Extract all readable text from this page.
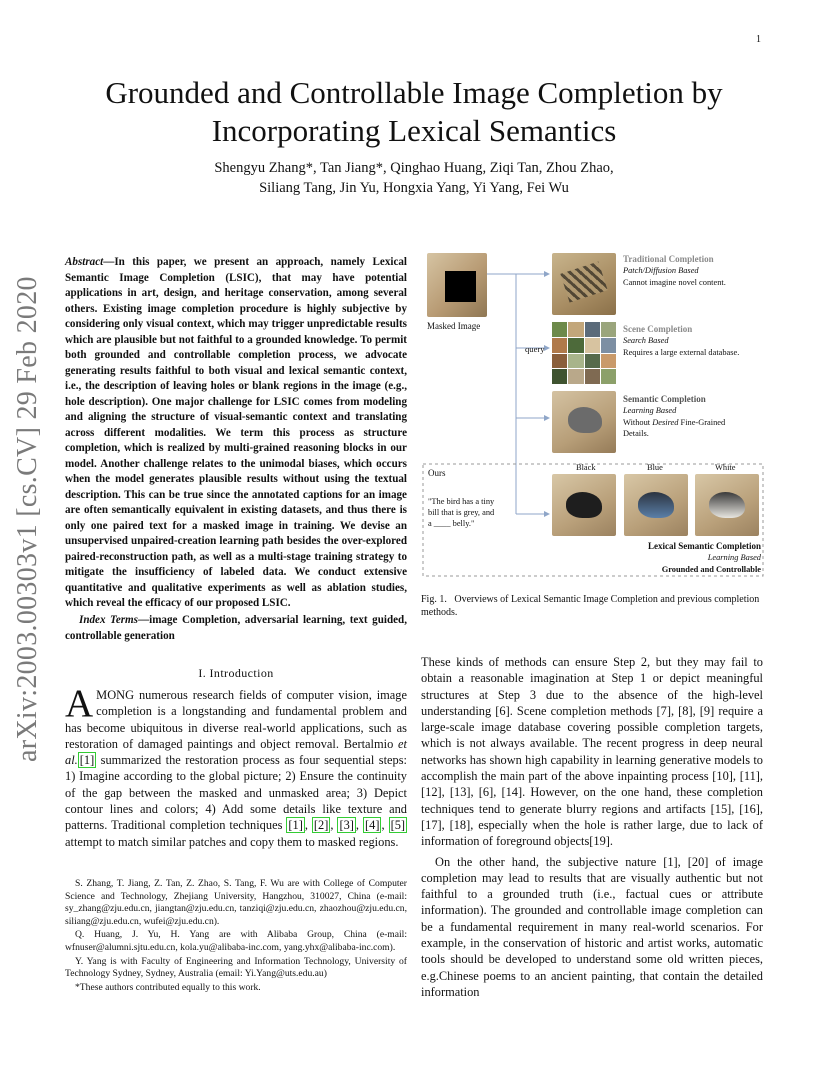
1
arXiv:2003.00303v1 [cs.CV] 29 Feb 2020
Grounded and Controllable Image Completion by Incorporating Lexical Semantics
Shengyu Zhang*, Tan Jiang*, Qinghao Huang, Ziqi Tan, Zhou Zhao,
Siliang Tang, Jin Yu, Hongxia Yang, Yi Yang, Fei Wu
Abstract—In this paper, we present an approach, namely Lexical Semantic Image Completion (LSIC), that may have potential applications in art, design, and heritage conservation, among several others. Existing image completion procedure is highly subjective by considering only visual context, which may trigger unpredictable results which are plausible but not faithful to a grounded knowledge. To permit both grounded and controllable completion process, we advocate generating results faithful to both visual and lexical semantic context, i.e., the description of leaving holes or blank regions in the image (e.g., hole description). One major challenge for LSIC comes from modeling and aligning the structure of visual-semantic context and translating across different modalities. We term this process as structure completion, which is realized by multi-grained reasoning blocks in our model. Another challenge relates to the unimodal biases, which occurs when the model generates plausible results without using the textual description. This can be true since the annotated captions for an image are often semantically equivalent in existing datasets, and thus there is only one paired text for a masked image in training. We devise an unsupervised unpaired-creation learning path besides the over-explored paired-reconstruction path, as well as a multi-stage training strategy to mitigate the insufficiency of labeled data. We conduct extensive quantitative and qualitative experiments as well as ablation studies, which reveal the efficacy of our proposed LSIC.
Index Terms—image Completion, adversarial learning, text guided, controllable generation
I. Introduction
AMONG numerous research fields of computer vision, image completion is a longstanding and fundamental problem and has become ubiquitous in diverse real-world applications, such as restoration of damaged paintings and object removal. Bertalmio et al. [1] summarized the restoration process as four sequential steps: 1) Imagine according to the global picture; 2) Ensure the continuity of the gap between the masked and unmasked area; 3) Depict contour lines and colors; 4) Add some details like texture and patterns. Traditional completion techniques [1] , [2] , [3] , [4] , [5] attempt to match similar patches and copy them to masked regions.

S. Zhang, T. Jiang, Z. Tan, Z. Zhao, S. Tang, F. Wu are with College of Computer Science and Technology, Zhejiang University, Hangzhou, 310027, China (e-mail: sy_zhang@zju.edu.cn, jiangtan@zju.edu.cn, tanziqi@zju.edu.cn, zhaozhou@zju.edu.cn, siliang@zju.edu.cn, wufei@zju.edu.cn).

Q. Huang, J. Yu, H. Yang are with Alibaba Group, China (e-mail: wfnuser@alumni.sjtu.edu.cn, kola.yu@alibaba-inc.com, yang.yhx@alibaba-inc.com).

Y. Yang is with Faculty of Engineering and Information Technology, University of Technology Sydney, Sydney, Australia (email: Yi.Yang@uts.edu.au)

*These authors contributed equally to this work.

Masked Image
query
Traditional Completion
Patch/Diffusion Based
Cannot imagine novel content.
Scene Completion
Search Based
Requires a large external database.
Semantic Completion
Learning Based
Without Desired Fine-Grained
Details.
Ours
"The bird has a tiny
bill that is grey, and
a ____ belly."
Black	Blue	White
Lexical Semantic Completion
Learning Based
Grounded and Controllable
Fig. 1. Overviews of Lexical Semantic Image Completion and previous completion methods.

These kinds of methods can ensure Step 2, but they may fail to obtain a reasonable imagination at Step 1 or depict meaningful structures at Step 3 due to the absence of the high-level understanding [6]. Scene completion methods [7], [8], [9] require a large-scale image database covering possible completion targets, which is not always available. The recent progress in deep neural networks has shown high capability in learning generative models to accomplish the main part of the above inpainting process [10], [11], [12], [13], [6], [14]. However, on the one hand, these completion techniques tend to generate blurry regions and artifacts [15], [16], [17], [18], especially when the hole is rather large, due to lack of information of foreground objects[19].

On the other hand, the subjective nature [1], [20] of image completion may lead to results that are visually authentic but not faithful to a grounded truth (i.e., factual cues or attribute information). The grounded and controllable image completion can be a fundamental requirement in many real-world scenarios. For example, in the conservation of historic and artist works, automatic tools should be developed to understand some old written pieces, e.g.Chinese poems to an ancient painting, that contain the detailed information
